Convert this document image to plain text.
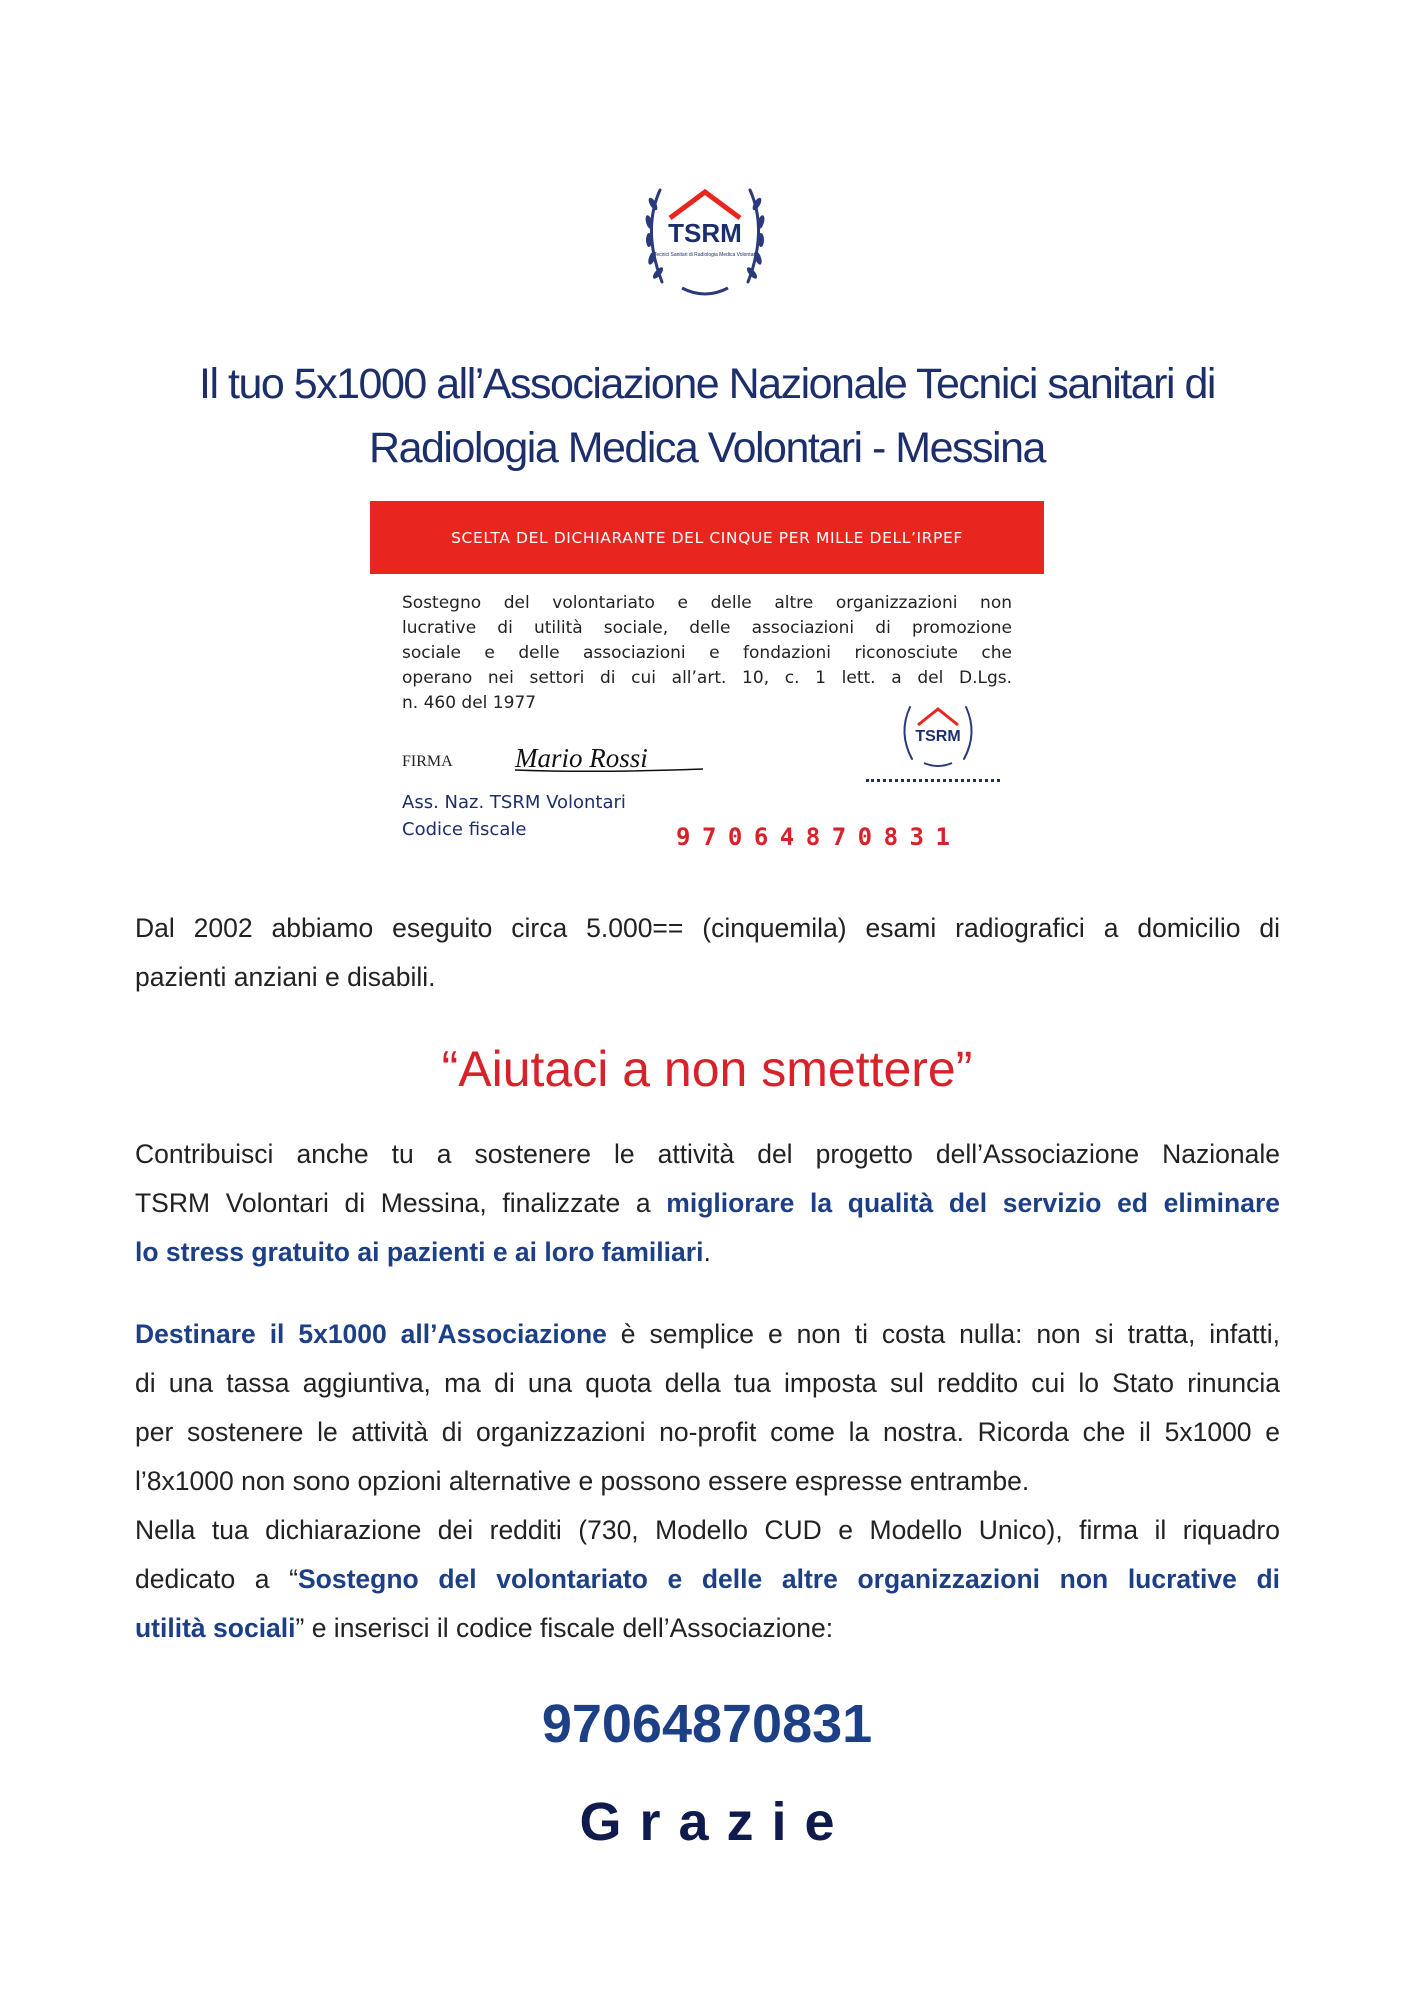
TSRM
Tecnici Sanitari di Radiologia Medica Volontari
Il tuo 5x1000 all’Associazione Nazionale Tecnici sanitari di
Radiologia Medica Volontari - Messina
SCELTA DEL DICHIARANTE DEL CINQUE PER MILLE DELL’IRPEF
Sostegno del volontariato e delle altre organizzazioni non
lucrative di utilità sociale, delle associazioni di promozione
sociale e delle associazioni e fondazioni riconosciute che
operano nei settori di cui all’art. 10, c. 1 lett. a del D.Lgs.
n. 460 del 1977
FIRMA Mario Rossi
TSRM
Ass. Naz. TSRM Volontari
Codice fiscale	97064870831
Dal 2002 abbiamo eseguito circa 5.000== (cinquemila) esami radiografici a domicilio di
pazienti anziani e disabili.
“Aiutaci a non smettere”
Contribuisci anche tu a sostenere le attività del progetto dell’Associazione Nazionale
TSRM Volontari di Messina, finalizzate a migliorare la qualità del servizio ed eliminare
lo stress gratuito ai pazienti e ai loro familiari.
Destinare il 5x1000 all’Associazione è semplice e non ti costa nulla: non si tratta, infatti,
di una tassa aggiuntiva, ma di una quota della tua imposta sul reddito cui lo Stato rinuncia
per sostenere le attività di organizzazioni no-profit come la nostra. Ricorda che il 5x1000 e
l’8x1000 non sono opzioni alternative e possono essere espresse entrambe.
Nella tua dichiarazione dei redditi (730, Modello CUD e Modello Unico), firma il riquadro
dedicato a “Sostegno del volontariato e delle altre organizzazioni non lucrative di
utilità sociali” e inserisci il codice fiscale dell’Associazione:
97064870831
Grazie
